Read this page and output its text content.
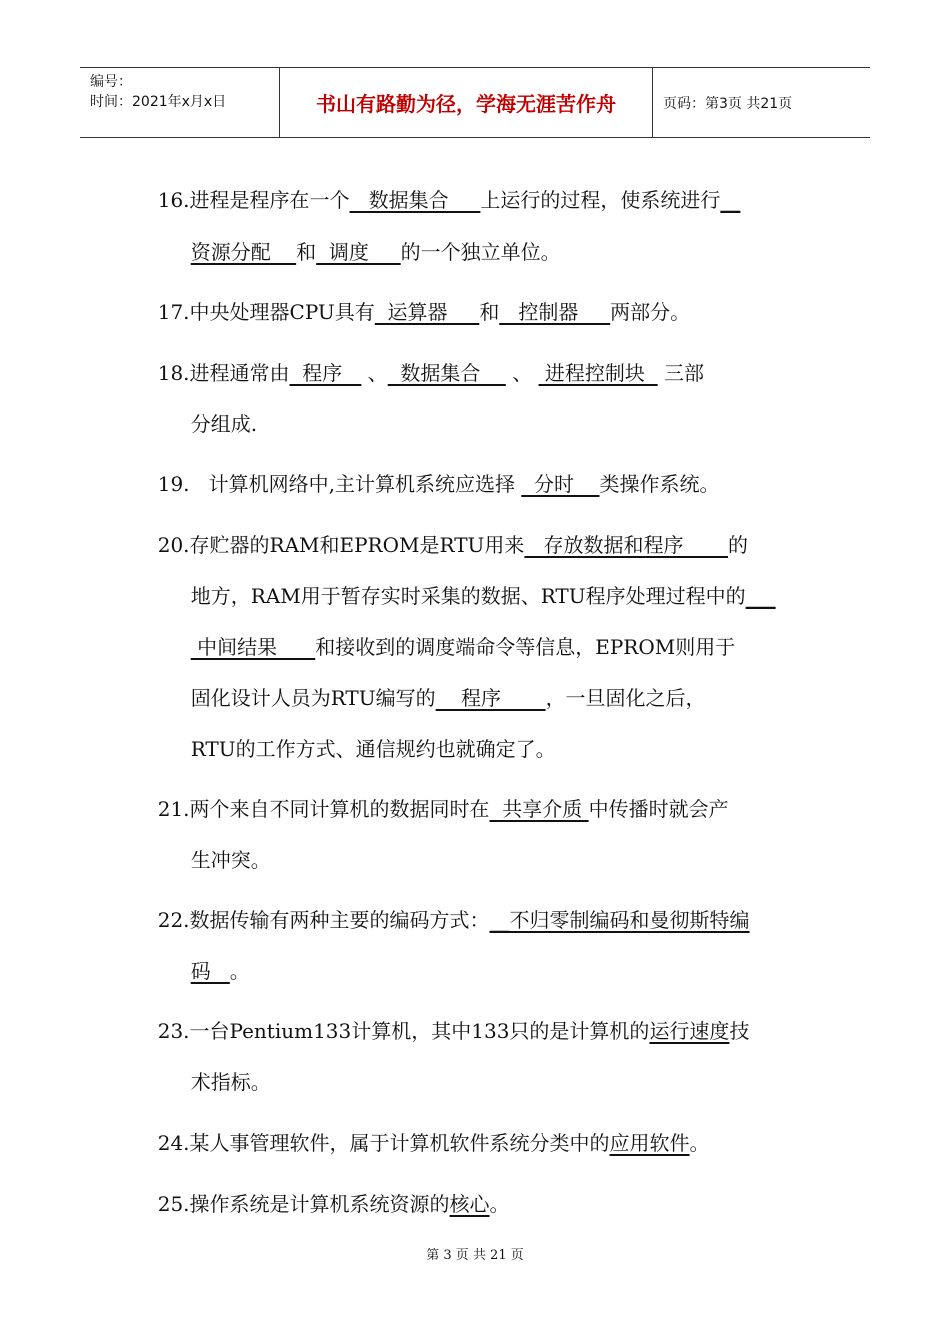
编号：
时间：2021年x月x日	书山有路勤为径，学海无涯苦作舟	页码：第3页 共21页

16.进程是程序在一个   数据集合     上运行的过程，使系统进行__

资源分配    和  调度     的一个独立单位。

17.中央处理器CPU具有  运算器     和   控制器     两部分。

18.进程通常由  程序    、  数据集合     、  进程控制块   三部

分组成.

19.   计算机网络中,主计算机系统应选择   分时    类操作系统。

20.存贮器的RAM和EPROM是RTU用来   存放数据和程序       的

地方，RAM用于暂存实时采集的数据、RTU程序处理过程中的___

中间结果      和接收到的调度端命令等信息，EPROM则用于

固化设计人员为RTU编写的    程序       ，一旦固化之后，

RTU的工作方式、通信规约也就确定了。

21.两个来自不同计算机的数据同时在  共享介质 中传播时就会产

生冲突。

22.数据传输有两种主要的编码方式：__不归零制编码和曼彻斯特编

码   。

23.一台Pentium133计算机，其中133只的是计算机的运行速度技

术指标。

24.某人事管理软件，属于计算机软件系统分类中的应用软件。

25.操作系统是计算机系统资源的核心。

第 3 页 共 21 页
